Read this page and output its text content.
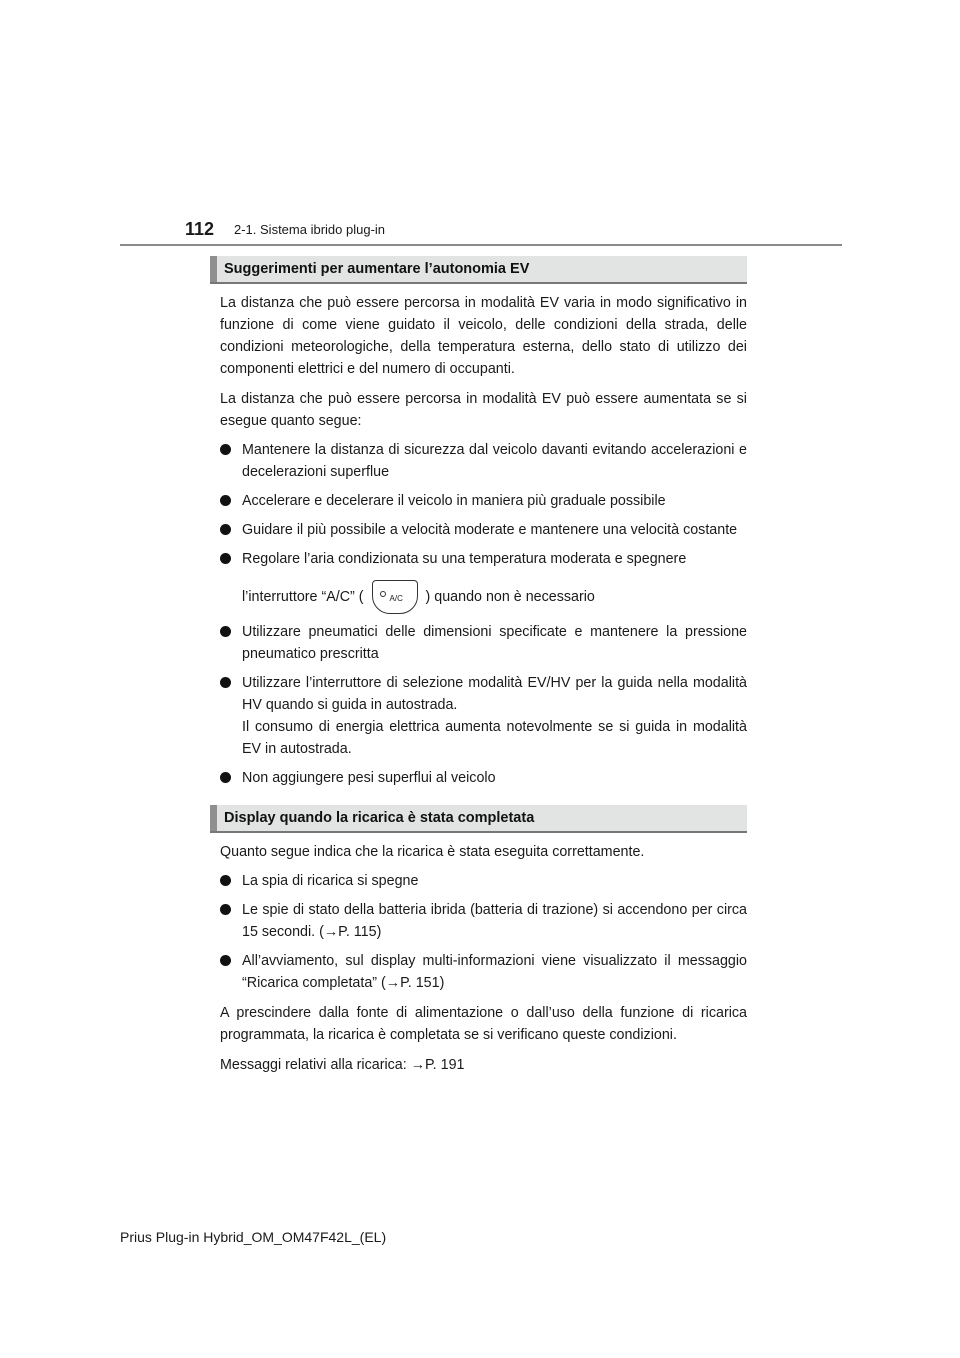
112 2-1. Sistema ibrido plug-in
Suggerimenti per aumentare l’autonomia EV

La distanza che può essere percorsa in modalità EV varia in modo significativo in funzione di come viene guidato il veicolo, delle condizioni della strada, delle condizioni meteorologiche, della temperatura esterna, dello stato di utilizzo dei componenti elettrici e del numero di occupanti.

La distanza che può essere percorsa in modalità EV può essere aumentata se si esegue quanto segue:

Mantenere la distanza di sicurezza dal veicolo davanti evitando accelerazioni e decelerazioni superflue
Accelerare e decelerare il veicolo in maniera più graduale possibile
Guidare il più possibile a velocità moderate e mantenere una velocità costante
Regolare l’aria condizionata su una temperatura moderata e spegnere
l’interruttore “A/C” (	A/C ) quando non è necessario
Utilizzare pneumatici delle dimensioni specificate e mantenere la pressione pneumatico prescritta
Utilizzare l’interruttore di selezione modalità EV/HV per la guida nella modalità HV quando si guida in autostrada.
Il consumo di energia elettrica aumenta notevolmente se si guida in modalità EV in autostrada.
Non aggiungere pesi superflui al veicolo
Display quando la ricarica è stata completata

Quanto segue indica che la ricarica è stata eseguita correttamente.

La spia di ricarica si spegne
Le spie di stato della batteria ibrida (batteria di trazione) si accendono per circa 15 secondi. (→P. 115)
All’avviamento, sul display multi-informazioni viene visualizzato il messaggio “Ricarica completata” (→P. 151)

A prescindere dalla fonte di alimentazione o dall’uso della funzione di ricarica programmata, la ricarica è completata se si verificano queste condizioni.

Messaggi relativi alla ricarica: →P. 191

Prius Plug-in Hybrid_OM_OM47F42L_(EL)
